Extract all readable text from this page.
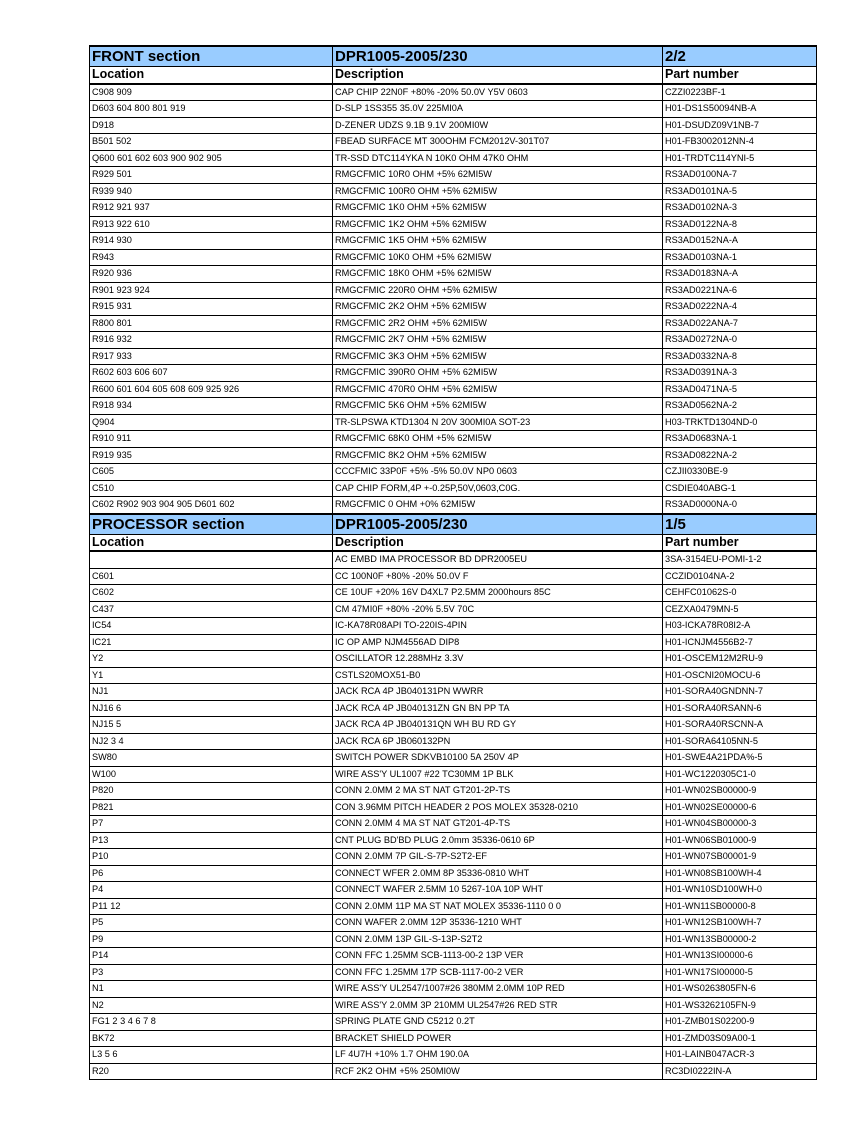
FRONT section	DPR1005-2005/230	2/2
Location	Description	Part number
C908 909	CAP CHIP 22N0F +80% -20% 50.0V Y5V 0603	CZZI0223BF-1
D603 604 800 801 919	D-SLP 1SS355 35.0V 225MI0A	H01-DS1S50094NB-A
D918	D-ZENER UDZS 9.1B 9.1V 200MI0W	H01-DSUDZ09V1NB-7
B501 502	FBEAD SURFACE MT 300OHM FCM2012V-301T07	H01-FB3002012NN-4
Q600 601 602 603 900 902 905	TR-SSD DTC114YKA N 10K0 OHM 47K0 OHM	H01-TRDTC114YNI-5
R929 501	RMGCFMIC 10R0 OHM +5% 62MI5W	RS3AD0100NA-7
R939 940	RMGCFMIC 100R0 OHM +5% 62MI5W	RS3AD0101NA-5
R912 921 937	RMGCFMIC 1K0 OHM +5% 62MI5W	RS3AD0102NA-3
R913 922 610	RMGCFMIC 1K2 OHM +5% 62MI5W	RS3AD0122NA-8
R914 930	RMGCFMIC 1K5 OHM +5% 62MI5W	RS3AD0152NA-A
R943	RMGCFMIC 10K0 OHM +5% 62MI5W	RS3AD0103NA-1
R920 936	RMGCFMIC 18K0 OHM +5% 62MI5W	RS3AD0183NA-A
R901 923 924	RMGCFMIC 220R0 OHM +5% 62MI5W	RS3AD0221NA-6
R915 931	RMGCFMIC 2K2 OHM +5% 62MI5W	RS3AD0222NA-4
R800 801	RMGCFMIC 2R2 OHM +5% 62MI5W	RS3AD022ANA-7
R916 932	RMGCFMIC 2K7 OHM +5% 62MI5W	RS3AD0272NA-0
R917 933	RMGCFMIC 3K3 OHM +5% 62MI5W	RS3AD0332NA-8
R602 603 606 607	RMGCFMIC 390R0 OHM +5% 62MI5W	RS3AD0391NA-3
R600 601 604 605 608 609 925 926	RMGCFMIC 470R0 OHM +5% 62MI5W	RS3AD0471NA-5
R918 934	RMGCFMIC 5K6 OHM +5% 62MI5W	RS3AD0562NA-2
Q904	TR-SLPSWA KTD1304 N 20V 300MI0A SOT-23	H03-TRKTD1304ND-0
R910 911	RMGCFMIC 68K0 OHM +5% 62MI5W	RS3AD0683NA-1
R919 935	RMGCFMIC 8K2 OHM +5% 62MI5W	RS3AD0822NA-2
C605	CCCFMIC 33P0F +5% -5% 50.0V NP0 0603	CZJII0330BE-9
C510	CAP CHIP FORM,4P +-0.25P,50V,0603,C0G.	CSDIE040ABG-1
C602 R902 903 904 905 D601 602	RMGCFMIC 0 OHM +0% 62MI5W	RS3AD0000NA-0
PROCESSOR section	DPR1005-2005/230	1/5
Location	Description	Part number
	AC EMBD IMA PROCESSOR BD DPR2005EU	3SA-3154EU-POMI-1-2
C601	CC 100N0F +80% -20% 50.0V F	CCZID0104NA-2
C602	CE 10UF +20% 16V D4XL7 P2.5MM 2000hours 85C	CEHFC01062S-0
C437	CM 47MI0F +80% -20% 5.5V 70C	CEZXA0479MN-5
IC54	IC-KA78R08API TO-220IS-4PIN	H03-ICKA78R08I2-A
IC21	IC OP AMP NJM4556AD DIP8	H01-ICNJM4556B2-7
Y2	OSCILLATOR 12.288MHz 3.3V	H01-OSCEM12M2RU-9
Y1	CSTLS20MOX51-B0	H01-OSCNI20MOCU-6
NJ1	JACK RCA 4P JB040131PN WWRR	H01-SORA40GNDNN-7
NJ16 6	JACK RCA 4P JB040131ZN GN BN PP TA	H01-SORA40RSANN-6
NJ15 5	JACK RCA 4P JB040131QN WH BU RD GY	H01-SORA40RSCNN-A
NJ2 3 4	JACK RCA 6P JB060132PN	H01-SORA64105NN-5
SW80	SWITCH POWER SDKVB10100 5A 250V 4P	H01-SWE4A21PDA%-5
W100	WIRE ASS'Y UL1007 #22 TC30MM 1P BLK	H01-WC1220305C1-0
P820	CONN 2.0MM 2 MA ST NAT GT201-2P-TS	H01-WN02SB00000-9
P821	CON 3.96MM PITCH HEADER 2 POS MOLEX 35328-0210	H01-WN02SE00000-6
P7	CONN 2.0MM 4 MA ST NAT GT201-4P-TS	H01-WN04SB00000-3
P13	CNT PLUG BD'BD PLUG 2.0mm 35336-0610 6P	H01-WN06SB01000-9
P10	CONN 2.0MM 7P GIL-S-7P-S2T2-EF	H01-WN07SB00001-9
P6	CONNECT WFER 2.0MM 8P 35336-0810 WHT	H01-WN08SB100WH-4
P4	CONNECT WAFER 2.5MM 10 5267-10A 10P WHT	H01-WN10SD100WH-0
P11 12	CONN 2.0MM 11P MA ST NAT MOLEX 35336-1110 0 0	H01-WN11SB00000-8
P5	CONN WAFER 2.0MM 12P 35336-1210 WHT	H01-WN12SB100WH-7
P9	CONN 2.0MM 13P GIL-S-13P-S2T2	H01-WN13SB00000-2
P14	CONN FFC 1.25MM SCB-1113-00-2 13P VER	H01-WN13SI00000-6
P3	CONN FFC 1.25MM 17P SCB-1117-00-2 VER	H01-WN17SI00000-5
N1	WIRE ASS'Y UL2547/1007#26 380MM 2.0MM 10P RED	H01-WS0263805FN-6
N2	WIRE ASS'Y 2.0MM 3P 210MM UL2547#26 RED STR	H01-WS3262105FN-9
FG1 2 3 4 6 7 8	SPRING PLATE GND C5212 0.2T	H01-ZMB01S02200-9
BK72	BRACKET SHIELD POWER	H01-ZMD03S09A00-1
L3 5 6	LF 4U7H +10% 1.7 OHM 190.0A	H01-LAINB047ACR-3
R20	RCF 2K2 OHM +5% 250MI0W	RC3DI0222IN-A
